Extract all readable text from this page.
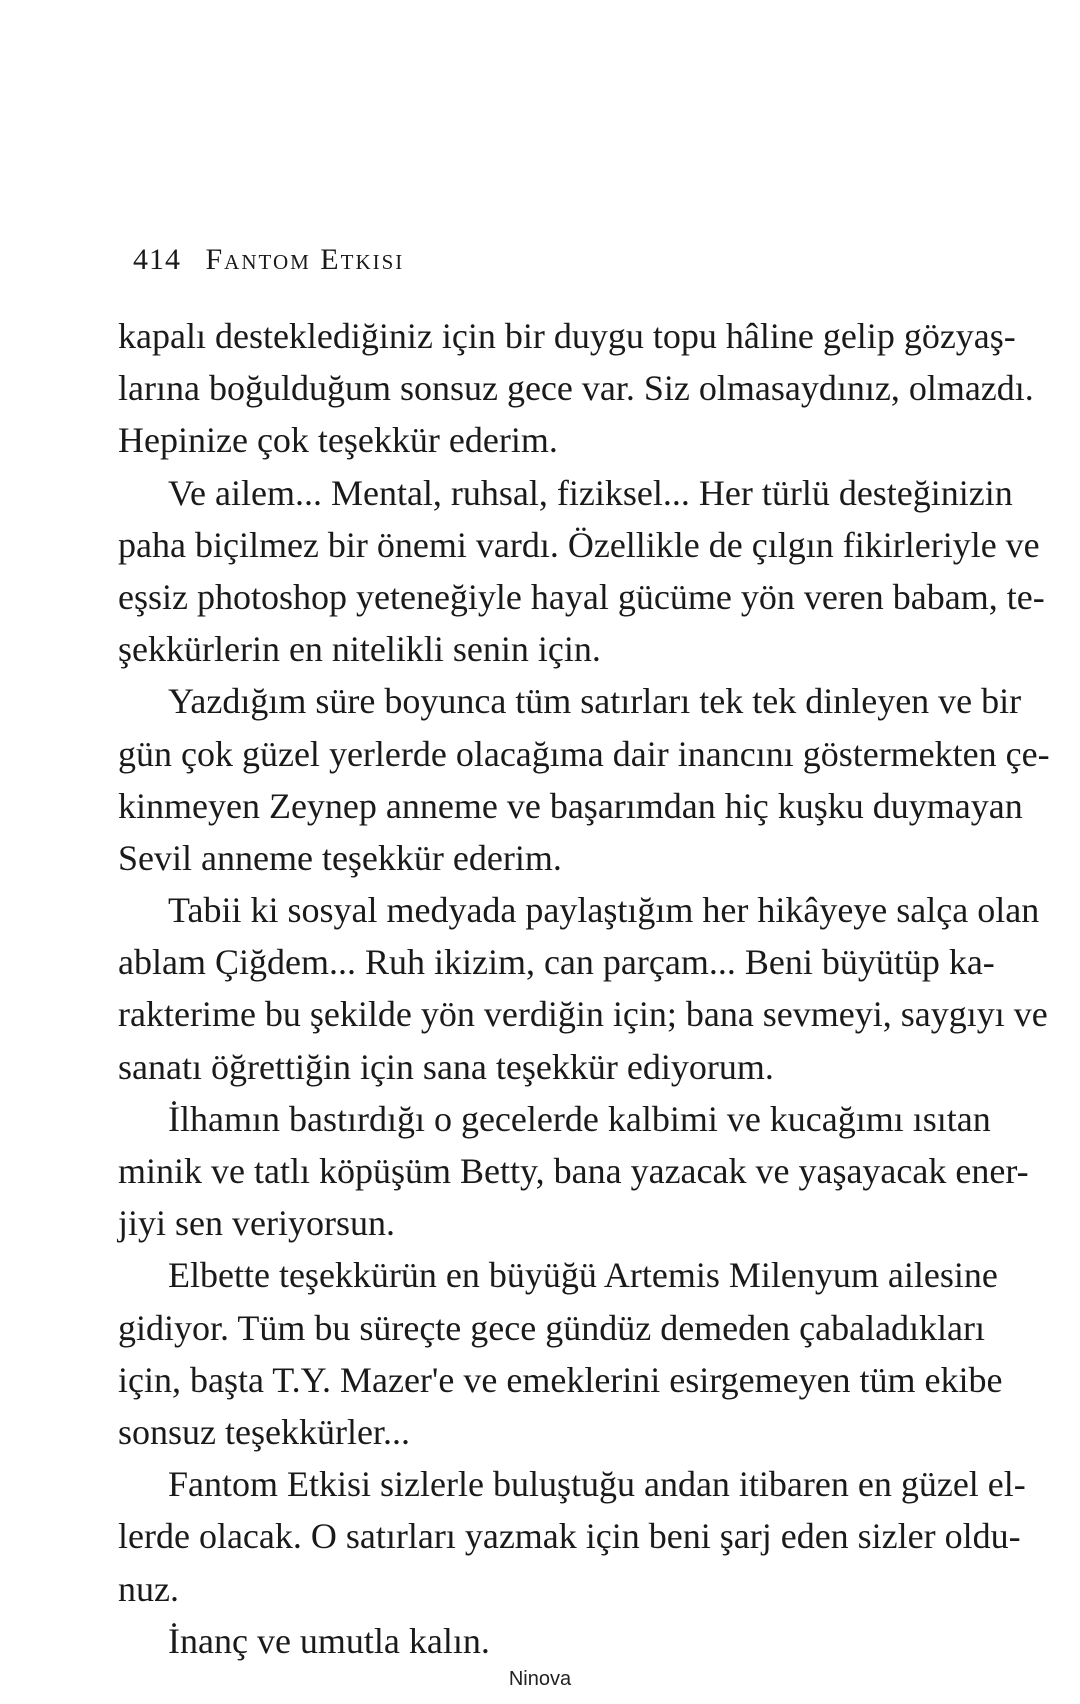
414 Fantom Etkisi
kapalı desteklediğiniz için bir duygu topu hâline gelip gözyaş-
larına boğulduğum sonsuz gece var. Siz olmasaydınız, olmazdı.
Hepinize çok teşekkür ederim.
Ve ailem... Mental, ruhsal, fiziksel... Her türlü desteğinizin
paha biçilmez bir önemi vardı. Özellikle de çılgın fikirleriyle ve
eşsiz photoshop yeteneğiyle hayal gücüme yön veren babam, te-
şekkürlerin en nitelikli senin için.
Yazdığım süre boyunca tüm satırları tek tek dinleyen ve bir
gün çok güzel yerlerde olacağıma dair inancını göstermekten çe-
kinmeyen Zeynep anneme ve başarımdan hiç kuşku duymayan
Sevil anneme teşekkür ederim.
Tabii ki sosyal medyada paylaştığım her hikâyeye salça olan
ablam Çiğdem... Ruh ikizim, can parçam... Beni büyütüp ka-
rakterime bu şekilde yön verdiğin için; bana sevmeyi, saygıyı ve
sanatı öğrettiğin için sana teşekkür ediyorum.
İlhamın bastırdığı o gecelerde kalbimi ve kucağımı ısıtan
minik ve tatlı köpüşüm Betty, bana yazacak ve yaşayacak ener-
jiyi sen veriyorsun.
Elbette teşekkürün en büyüğü Artemis Milenyum ailesine
gidiyor. Tüm bu süreçte gece gündüz demeden çabaladıkları
için, başta T.Y. Mazer'e ve emeklerini esirgemeyen tüm ekibe
sonsuz teşekkürler...
Fantom Etkisi sizlerle buluştuğu andan itibaren en güzel el-
lerde olacak. O satırları yazmak için beni şarj eden sizler oldu-
nuz.
İnanç ve umutla kalın.
Ninova
